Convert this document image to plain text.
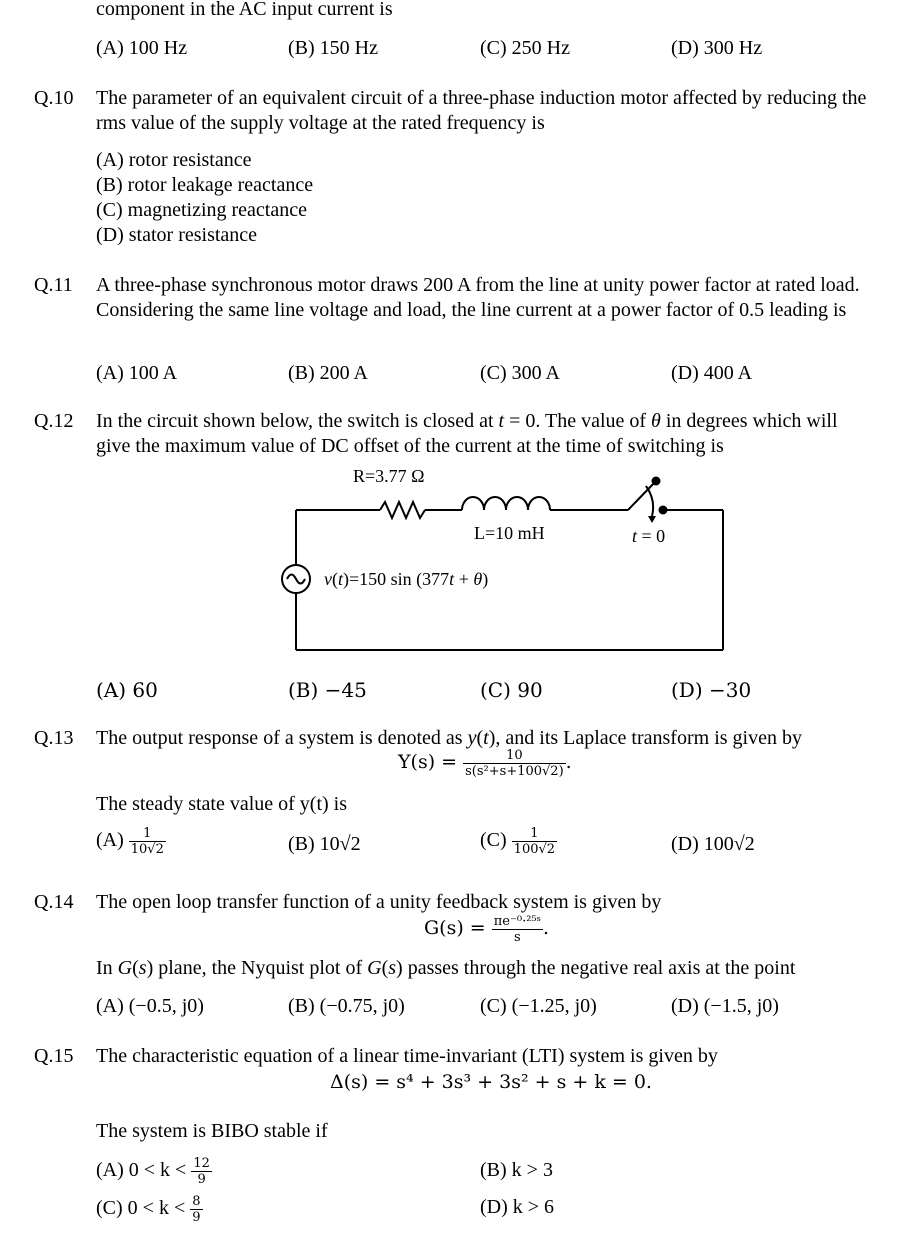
component in the AC input current is
(A) 100 Hz	(B) 150 Hz	(C) 250 Hz	(D) 300 Hz
Q.10 The parameter of an equivalent circuit of a three-phase induction motor affected by reducing the rms value of the supply voltage at the rated frequency is
(A) rotor resistance
(B) rotor leakage reactance
(C) magnetizing reactance
(D) stator resistance
Q.11 A three-phase synchronous motor draws 200 A from the line at unity power factor at rated load. Considering the same line voltage and load, the line current at a power factor of 0.5 leading is
(A) 100 A	(B) 200 A	(C) 300 A	(D) 400 A
Q.12 In the circuit shown below, the switch is closed at t = 0. The value of θ in degrees which will give the maximum value of DC offset of the current at the time of switching is
R=3.77 Ω
L=10 mH	t = 0
v(t)=150 sin (377t + θ)
(A) 60	(B) −45	(C) 90	(D) −30
Q.13 The output response of a system is denoted as y(t), and its Laplace transform is given by
$Y(s) = \frac{10}{\text{s(s²+s+100√2)}}$ .
The steady state value of y(t) is
$(A) \frac{1}{10√2}$	(B) 10√2	$(C) \frac{1}{100√2}$	(D) 100√2
Q.14 The open loop transfer function of a unity feedback system is given by
$G(s) = \frac{\text{πe⁻⁰·²⁵ˢ}}{s}$ .
In G(s) plane, the Nyquist plot of G(s) passes through the negative real axis at the point
(A) (−0.5, j0)	(B) (−0.75, j0)	(C) (−1.25, j0)	(D) (−1.5, j0)
Q.15 The characteristic equation of a linear time-invariant (LTI) system is given by
Δ(s) = s⁴ + 3s³ + 3s² + s + k = 0.
The system is BIBO stable if
(A) $0 < k < \frac{12}{9}$	(B) k > 3
(C) $0 < k < \frac{8}{9}$	(D) k > 6
